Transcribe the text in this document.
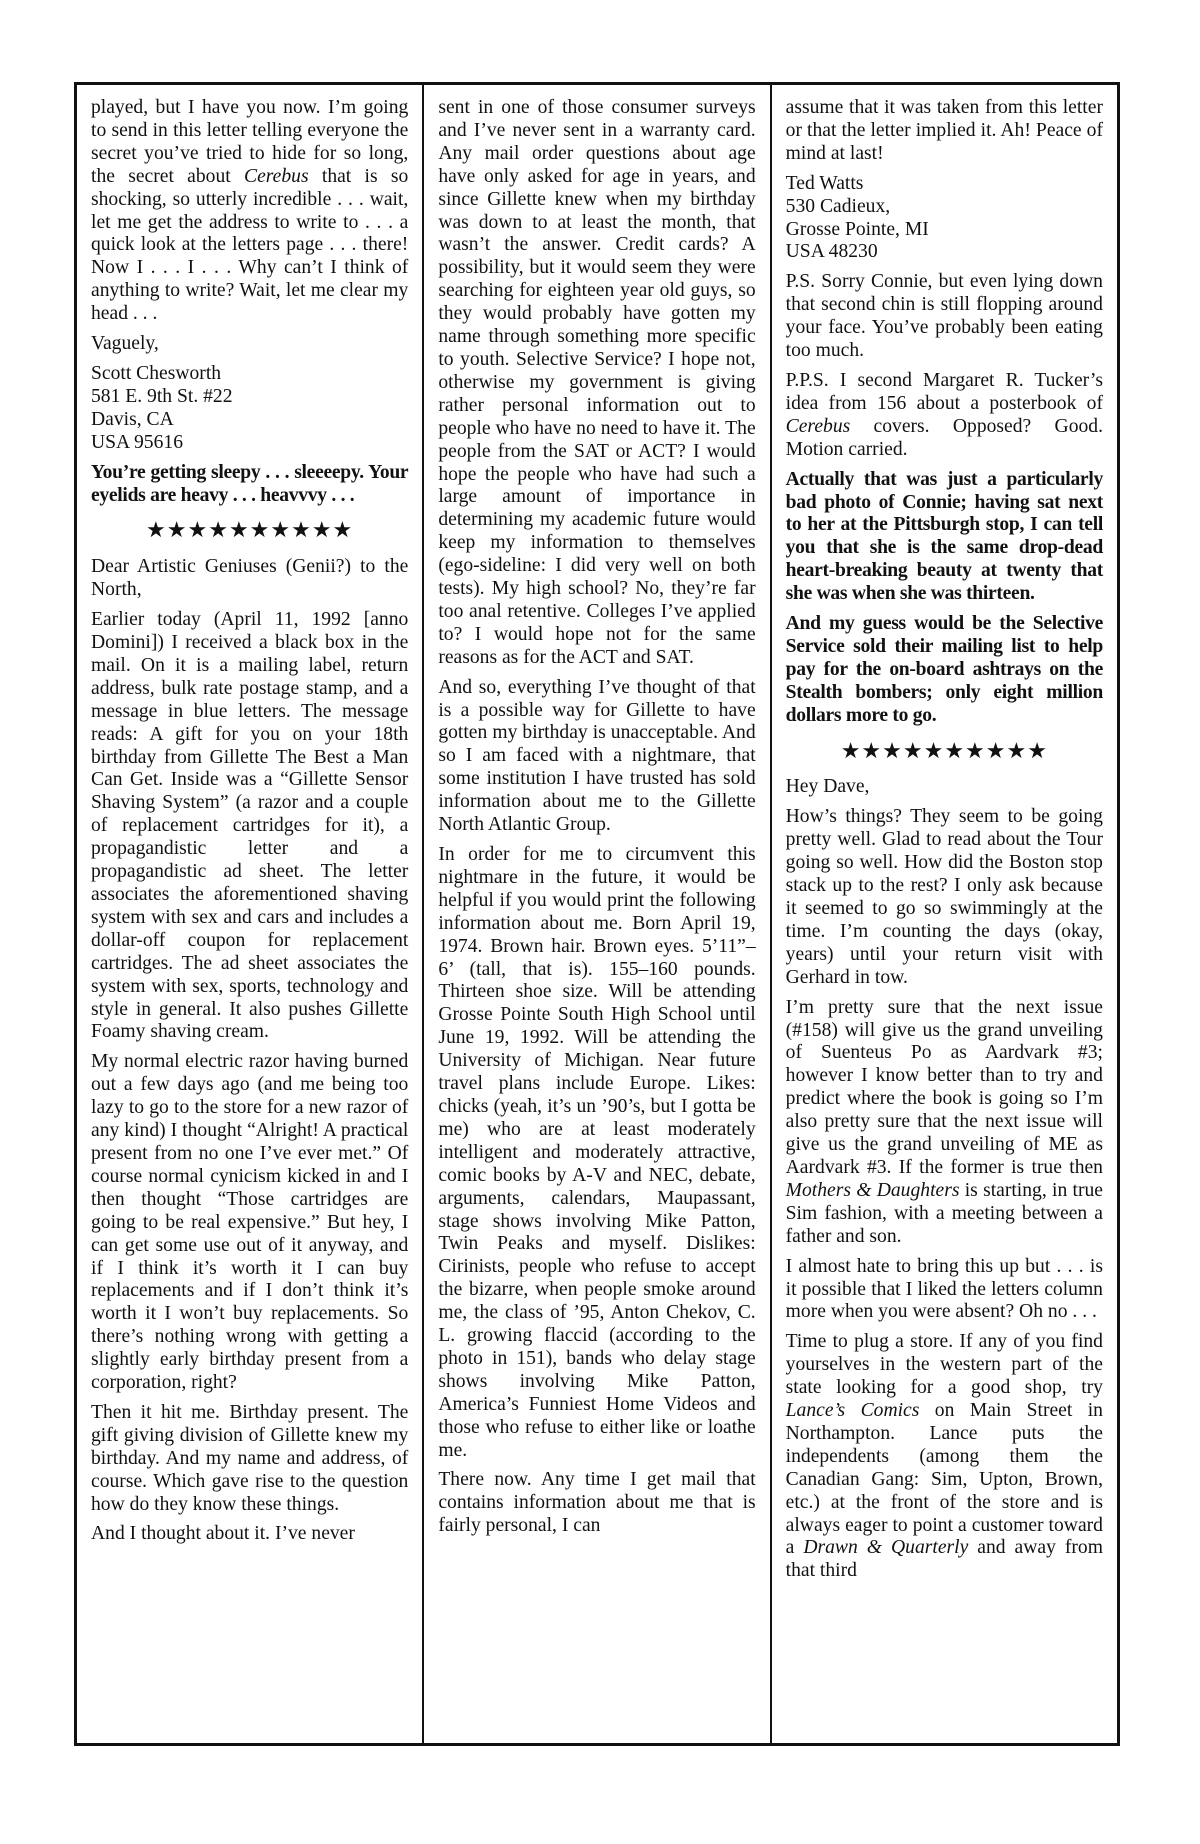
played, but I have you now. I’m going to send in this letter telling everyone the secret you’ve tried to hide for so long, the secret about Cerebus that is so shocking, so utterly incredible . . . wait, let me get the address to write to . . . a quick look at the letters page . . . there! Now I . . . I . . . Why can’t I think of anything to write? Wait, let me clear my head . . .

Vaguely,

Scott Chesworth
581 E. 9th St. #22
Davis, CA
USA 95616

You’re getting sleepy . . . sleeeepy. Your eyelids are heavy . . . heavvvy . . .

★★★★★★★★★★

Dear Artistic Geniuses (Genii?) to the North,

Earlier today (April 11, 1992 [anno Domini]) I received a black box in the mail. On it is a mailing label, return address, bulk rate postage stamp, and a message in blue letters. The message reads: A gift for you on your 18th birthday from Gillette The Best a Man Can Get. Inside was a “Gillette Sensor Shaving System” (a razor and a couple of replacement cartridges for it), a propagandistic letter and a propagandistic ad sheet. The letter associates the aforementioned shaving system with sex and cars and includes a dollar-off coupon for replacement cartridges. The ad sheet associates the system with sex, sports, technology and style in general. It also pushes Gillette Foamy shaving cream.

My normal electric razor having burned out a few days ago (and me being too lazy to go to the store for a new razor of any kind) I thought “Alright! A practical present from no one I’ve ever met.” Of course normal cynicism kicked in and I then thought “Those cartridges are going to be real expensive.” But hey, I can get some use out of it anyway, and if I think it’s worth it I can buy replacements and if I don’t think it’s worth it I won’t buy replacements. So there’s nothing wrong with getting a slightly early birthday present from a corporation, right?

Then it hit me. Birthday present. The gift giving division of Gillette knew my birthday. And my name and address, of course. Which gave rise to the question how do they know these things.

And I thought about it. I’ve never

sent in one of those consumer surveys and I’ve never sent in a warranty card. Any mail order questions about age have only asked for age in years, and since Gillette knew when my birthday was down to at least the month, that wasn’t the answer. Credit cards? A possibility, but it would seem they were searching for eighteen year old guys, so they would probably have gotten my name through something more specific to youth. Selective Service? I hope not, otherwise my government is giving rather personal information out to people who have no need to have it. The people from the SAT or ACT? I would hope the people who have had such a large amount of importance in determining my academic future would keep my information to themselves (ego-sideline: I did very well on both tests). My high school? No, they’re far too anal retentive. Colleges I’ve applied to? I would hope not for the same reasons as for the ACT and SAT.

And so, everything I’ve thought of that is a possible way for Gillette to have gotten my birthday is unacceptable. And so I am faced with a nightmare, that some institution I have trusted has sold information about me to the Gillette North Atlantic Group.

In order for me to circumvent this nightmare in the future, it would be helpful if you would print the following information about me. Born April 19, 1974. Brown hair. Brown eyes. 5’11”–6’ (tall, that is). 155–160 pounds. Thirteen shoe size. Will be attending Grosse Pointe South High School until June 19, 1992. Will be attending the University of Michigan. Near future travel plans include Europe. Likes: chicks (yeah, it’s un ’90’s, but I gotta be me) who are at least moderately intelligent and moderately attractive, comic books by A-V and NEC, debate, arguments, calendars, Maupassant, stage shows involving Mike Patton, Twin Peaks and myself. Dislikes: Cirinists, people who refuse to accept the bizarre, when people smoke around me, the class of ’95, Anton Chekov, C. L. growing flaccid (according to the photo in 151), bands who delay stage shows involving Mike Patton, America’s Funniest Home Videos and those who refuse to either like or loathe me.

There now. Any time I get mail that contains information about me that is fairly personal, I can

assume that it was taken from this letter or that the letter implied it. Ah! Peace of mind at last!

Ted Watts
530 Cadieux,
Grosse Pointe, MI
USA 48230

P.S. Sorry Connie, but even lying down that second chin is still flopping around your face. You’ve probably been eating too much.

P.P.S. I second Margaret R. Tucker’s idea from 156 about a posterbook of Cerebus covers. Opposed? Good. Motion carried.

Actually that was just a particularly bad photo of Connie; having sat next to her at the Pittsburgh stop, I can tell you that she is the same drop-dead heart-breaking beauty at twenty that she was when she was thirteen.

And my guess would be the Selective Service sold their mailing list to help pay for the on-board ashtrays on the Stealth bombers; only eight million dollars more to go.

★★★★★★★★★★

Hey Dave,

How’s things? They seem to be going pretty well. Glad to read about the Tour going so well. How did the Boston stop stack up to the rest? I only ask because it seemed to go so swimmingly at the time. I’m counting the days (okay, years) until your return visit with Gerhard in tow.

I’m pretty sure that the next issue (#158) will give us the grand unveiling of Suenteus Po as Aardvark #3; however I know better than to try and predict where the book is going so I’m also pretty sure that the next issue will give us the grand unveiling of ME as Aardvark #3. If the former is true then Mothers & Daughters is starting, in true Sim fashion, with a meeting between a father and son.

I almost hate to bring this up but . . . is it possible that I liked the letters column more when you were absent? Oh no . . .

Time to plug a store. If any of you find yourselves in the western part of the state looking for a good shop, try Lance’s Comics on Main Street in Northampton. Lance puts the independents (among them the Canadian Gang: Sim, Upton, Brown, etc.) at the front of the store and is always eager to point a customer toward a Drawn & Quarterly and away from that third
